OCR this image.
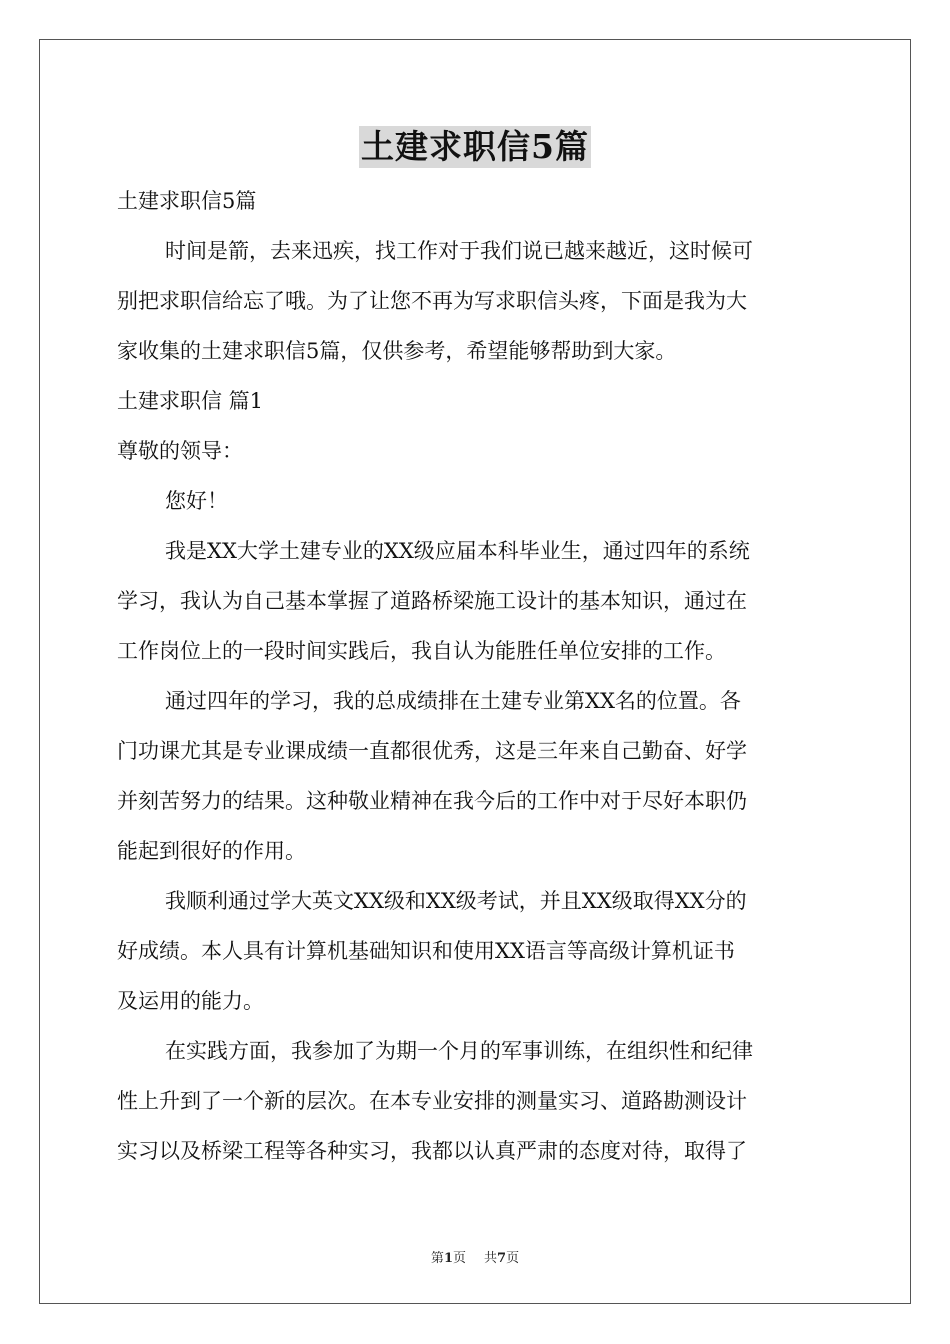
土建求职信5篇
土建求职信5篇
时间是箭，去来迅疾，找工作对于我们说已越来越近，这时候可
别把求职信给忘了哦。为了让您不再为写求职信头疼，下面是我为大
家收集的土建求职信5篇，仅供参考，希望能够帮助到大家。
土建求职信 篇1
尊敬的领导：
您好！
我是XX大学土建专业的XX级应届本科毕业生，通过四年的系统
学习，我认为自己基本掌握了道路桥梁施工设计的基本知识，通过在
工作岗位上的一段时间实践后，我自认为能胜任单位安排的工作。
通过四年的学习，我的总成绩排在土建专业第XX名的位置。各
门功课尤其是专业课成绩一直都很优秀，这是三年来自己勤奋、好学
并刻苦努力的结果。这种敬业精神在我今后的工作中对于尽好本职仍
能起到很好的作用。
我顺利通过学大英文XX级和XX级考试，并且XX级取得XX分的
好成绩。本人具有计算机基础知识和使用XX语言等高级计算机证书
及运用的能力。
在实践方面，我参加了为期一个月的军事训练，在组织性和纪律
性上升到了一个新的层次。在本专业安排的测量实习、道路勘测设计
实习以及桥梁工程等各种实习，我都以认真严肃的态度对待，取得了
第1页 共7页
